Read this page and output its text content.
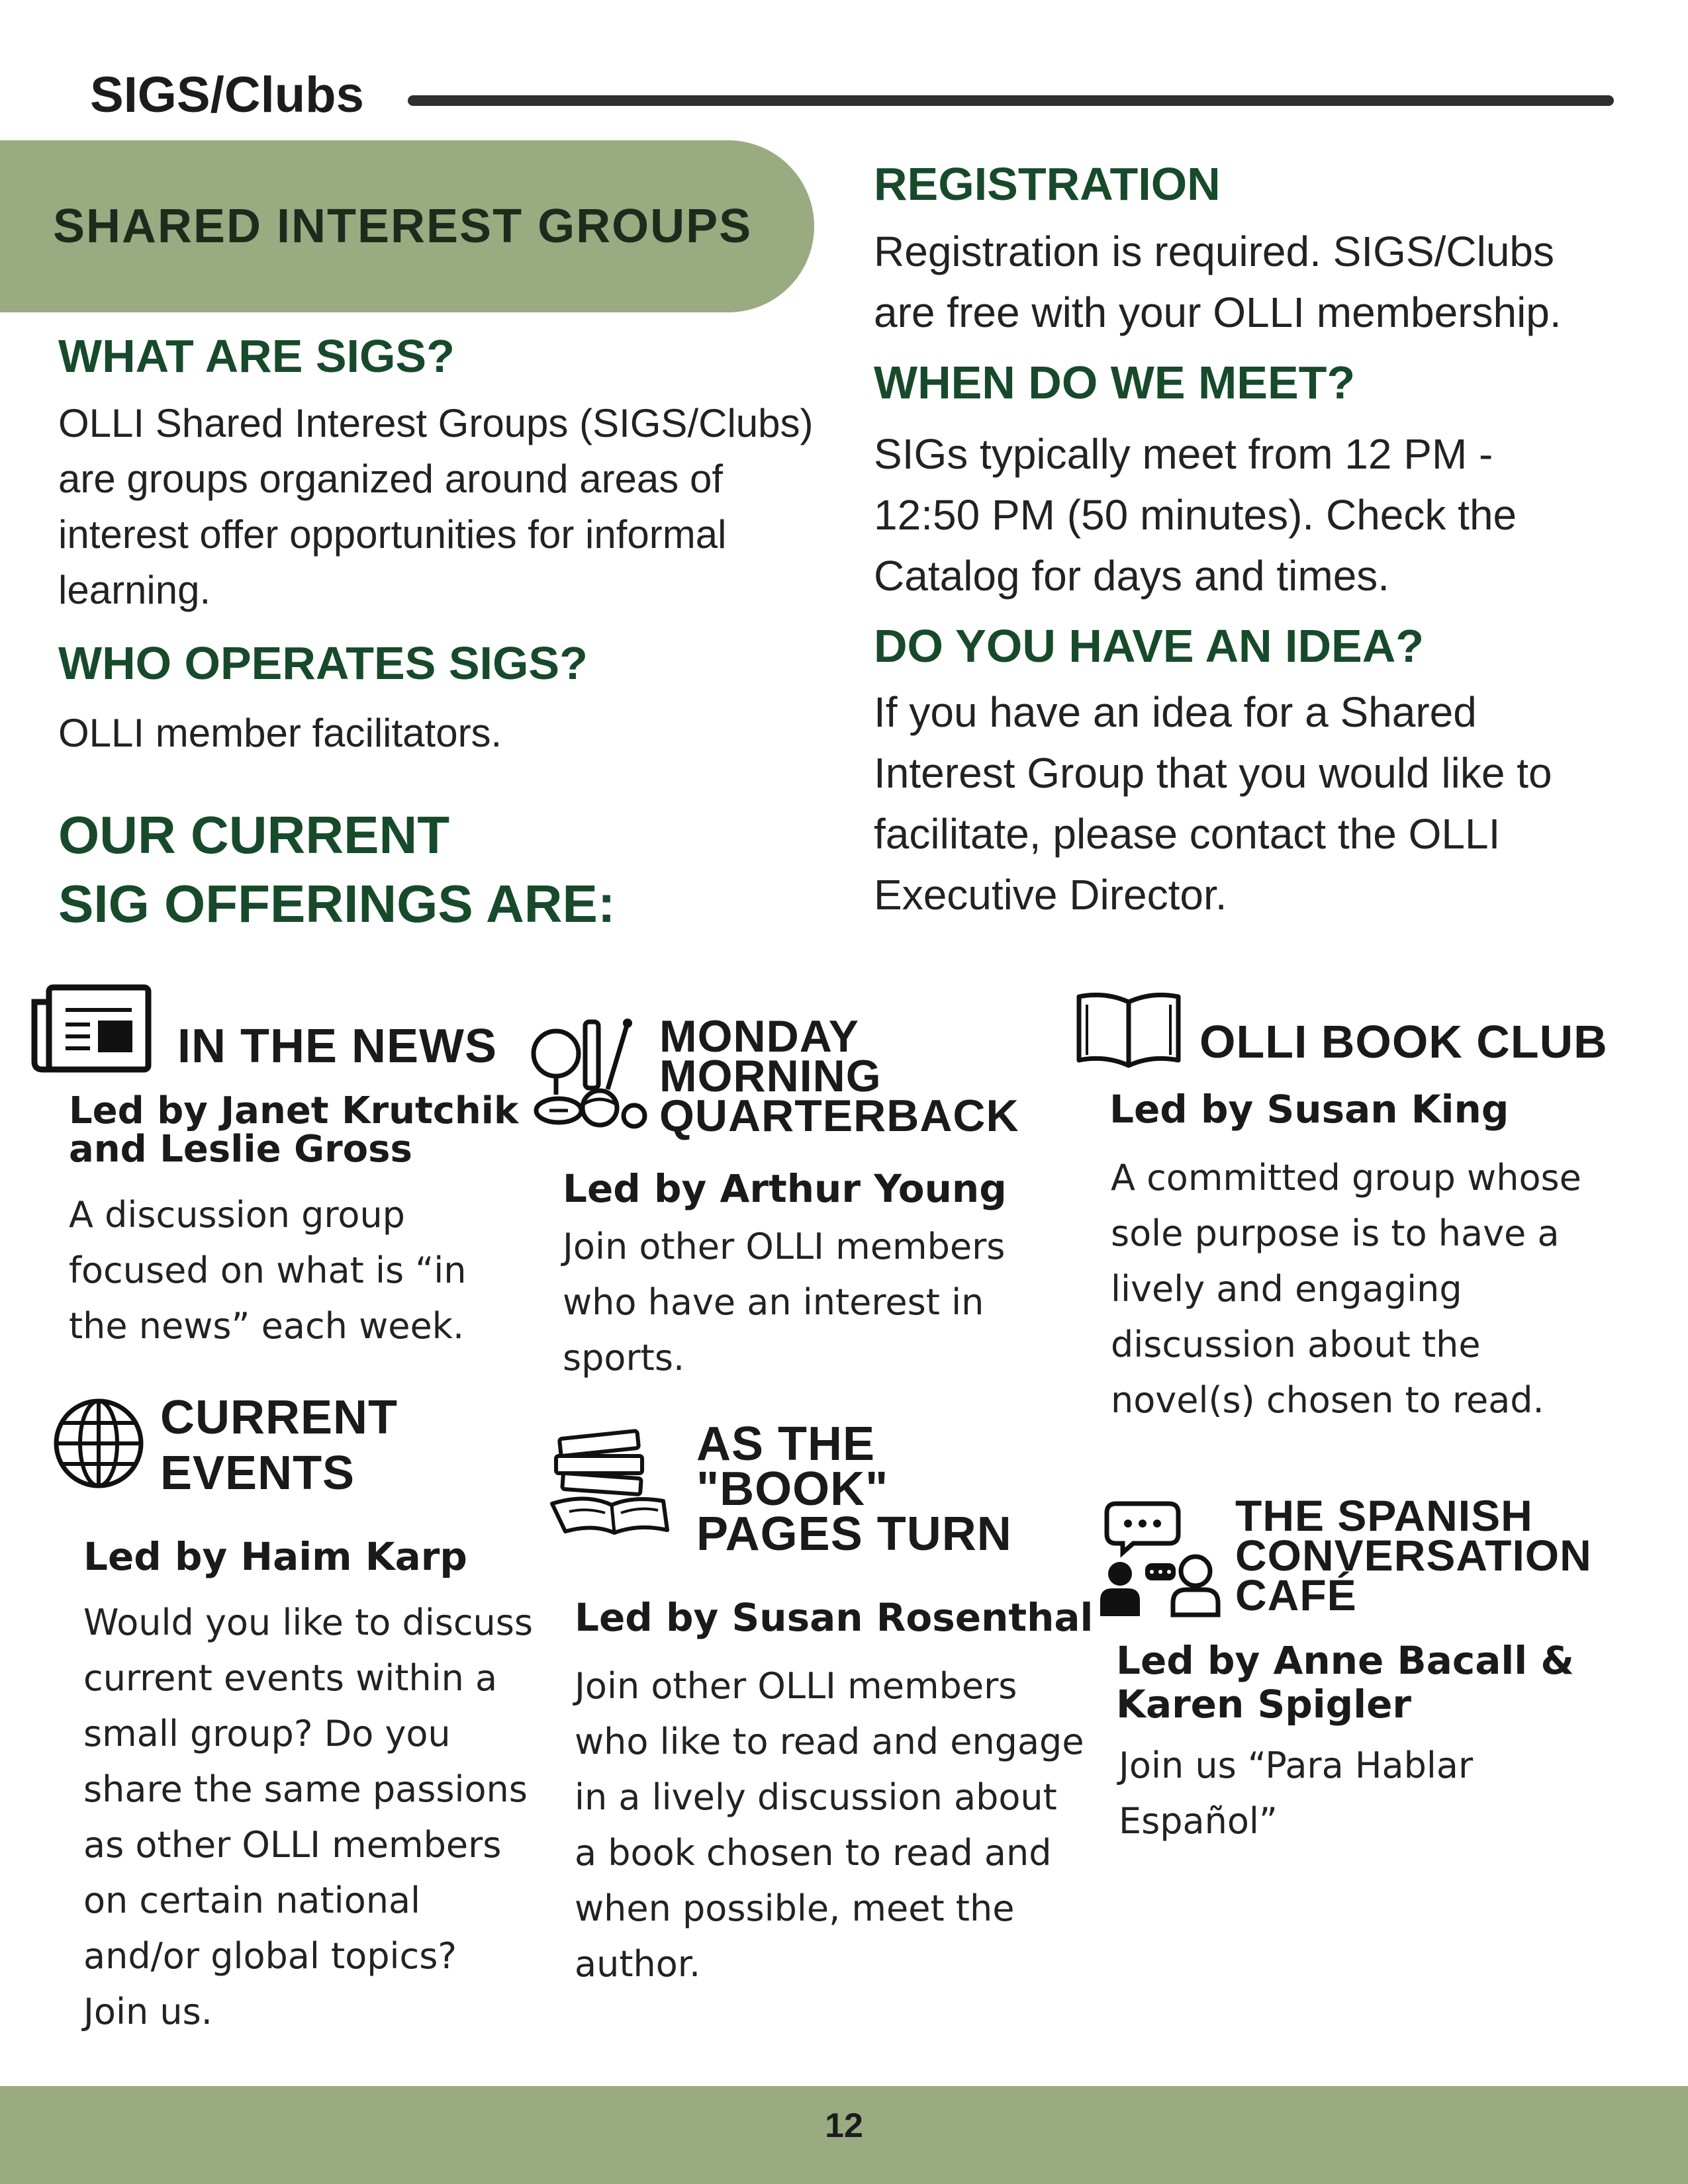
SIGS/Clubs
SHARED INTEREST GROUPS
WHAT ARE SIGS?
OLLI Shared Interest Groups (SIGS/Clubs)
are groups organized around areas of
interest offer opportunities for informal
learning.
WHO OPERATES SIGS?
OLLI member facilitators.
OUR CURRENT
SIG OFFERINGS ARE:
REGISTRATION
Registration is required. SIGS/Clubs
are free with your OLLI membership.
WHEN DO WE MEET?
SIGs typically meet from 12 PM -
12:50 PM (50 minutes). Check the
Catalog for days and times.
DO YOU HAVE AN IDEA?
If you have an idea for a Shared
Interest Group that you would like to
facilitate, please contact the OLLI
Executive Director.
IN THE NEWS
Led by Janet Krutchik
and Leslie Gross
A discussion group
focused on what is “in
the news” each week.
MONDAY
MORNING
QUARTERBACK
Led by Arthur Young
Join other OLLI members
who have an interest in
sports.
OLLI BOOK CLUB
Led by Susan King
A committed group whose
sole purpose is to have a
lively and engaging
discussion about the
novel(s) chosen to read.
CURRENT
EVENTS
Led by Haim Karp
Would you like to discuss
current events within a
small group? Do you
share the same passions
as other OLLI members
on certain national
and/or global topics?
Join us.
AS THE
"BOOK"
PAGES TURN
Led by Susan Rosenthal
Join other OLLI members
who like to read and engage
in a lively discussion about
a book chosen to read and
when possible, meet the
author.
THE SPANISH
CONVERSATION
CAFÉ
Led by Anne Bacall &
Karen Spigler
Join us “Para Hablar
Español”
12
